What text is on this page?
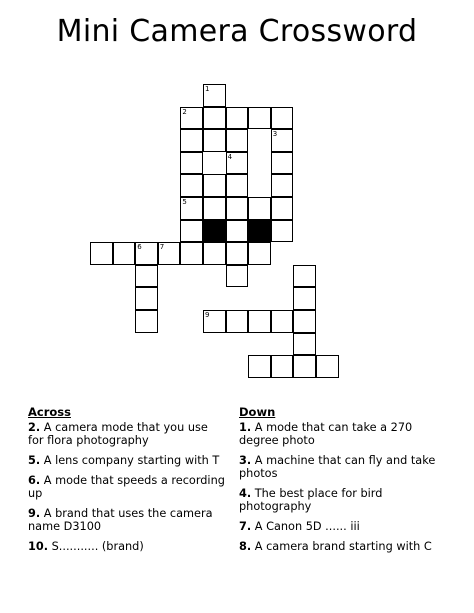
Mini Camera Crossword
1
2
3
4
5
6	7
9
Across
2. A camera mode that you use for flora photography
5. A lens company starting with T
6. A mode that speeds a recording up
9. A brand that uses the camera name D3100
10. S........... (brand)
Down
1. A mode that can take a 270 degree photo
3. A machine that can fly and take photos
4. The best place for bird photography
7. A Canon 5D ...... iii
8. A camera brand starting with C
